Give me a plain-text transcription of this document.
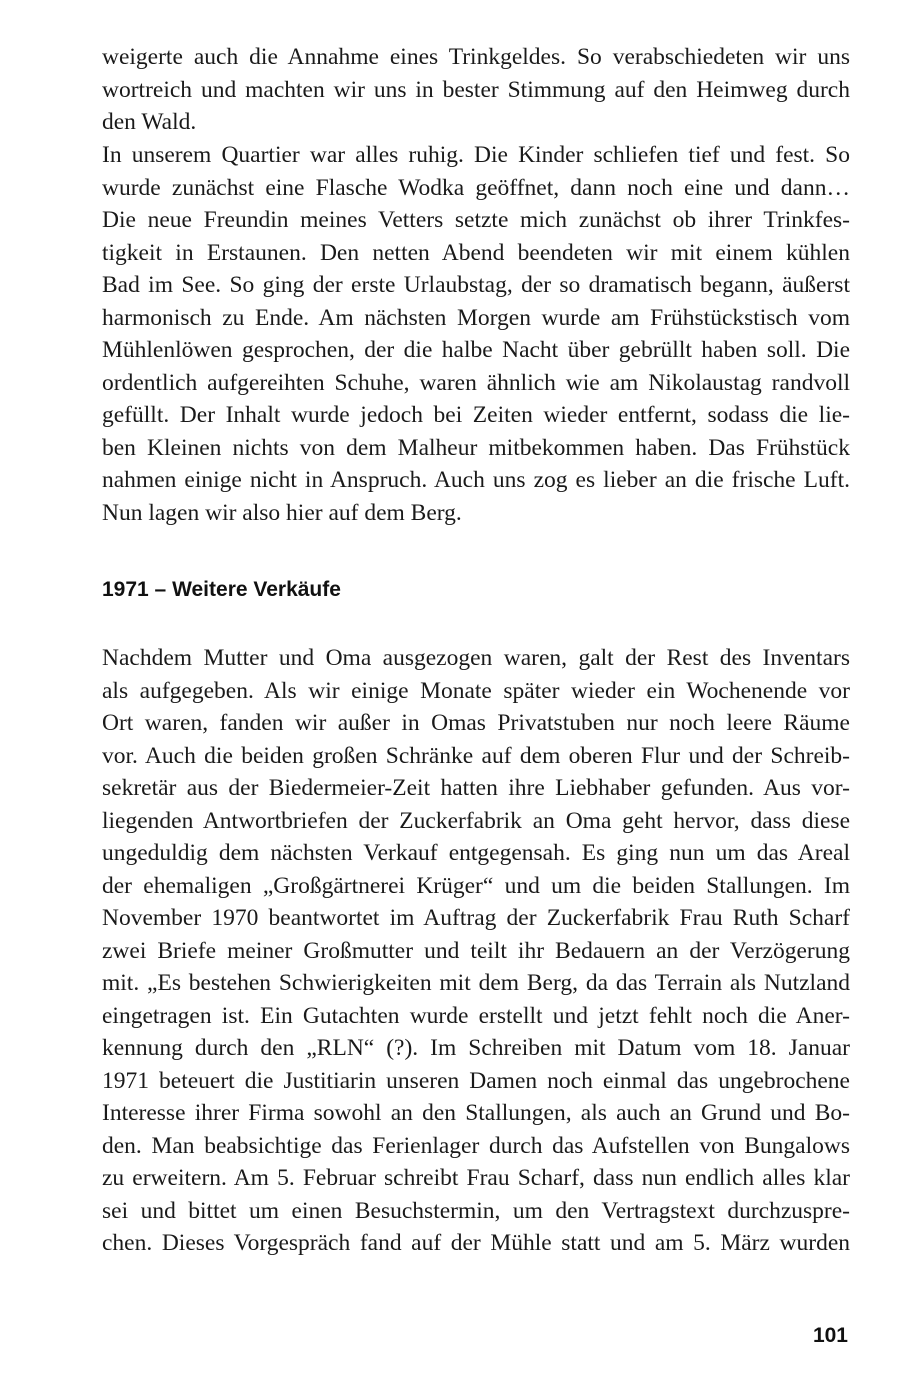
weigerte auch die Annahme eines Trinkgeldes. So verabschiedeten wir uns
wortreich und machten wir uns in bester Stimmung auf den Heimweg durch
den Wald.
In unserem Quartier war alles ruhig. Die Kinder schliefen tief und fest. So
wurde zunächst eine Flasche Wodka geöffnet, dann noch eine und dann…
Die neue Freundin meines Vetters setzte mich zunächst ob ihrer Trinkfes-
tigkeit in Erstaunen. Den netten Abend beendeten wir mit einem kühlen
Bad im See. So ging der erste Urlaubstag, der so dramatisch begann, äußerst
harmonisch zu Ende. Am nächsten Morgen wurde am Frühstückstisch vom
Mühlenlöwen gesprochen, der die halbe Nacht über gebrüllt haben soll. Die
ordentlich aufgereihten Schuhe, waren ähnlich wie am Nikolaustag randvoll
gefüllt. Der Inhalt wurde jedoch bei Zeiten wieder entfernt, sodass die lie-
ben Kleinen nichts von dem Malheur mitbekommen haben. Das Frühstück
nahmen einige nicht in Anspruch. Auch uns zog es lieber an die frische Luft.
Nun lagen wir also hier auf dem Berg.
1971 – Weitere Verkäufe
Nachdem Mutter und Oma ausgezogen waren, galt der Rest des Inventars
als aufgegeben. Als wir einige Monate später wieder ein Wochenende vor
Ort waren, fanden wir außer in Omas Privatstuben nur noch leere Räume
vor. Auch die beiden großen Schränke auf dem oberen Flur und der Schreib-
sekretär aus der Biedermeier-Zeit hatten ihre Liebhaber gefunden. Aus vor-
liegenden Antwortbriefen der Zuckerfabrik an Oma geht hervor, dass diese
ungeduldig dem nächsten Verkauf entgegensah. Es ging nun um das Areal
der ehemaligen „Großgärtnerei Krüger“ und um die beiden Stallungen. Im
November 1970 beantwortet im Auftrag der Zuckerfabrik Frau Ruth Scharf
zwei Briefe meiner Großmutter und teilt ihr Bedauern an der Verzögerung
mit. „Es bestehen Schwierigkeiten mit dem Berg, da das Terrain als Nutzland
eingetragen ist. Ein Gutachten wurde erstellt und jetzt fehlt noch die Aner-
kennung durch den „RLN“ (?). Im Schreiben mit Datum vom 18. Januar
1971 beteuert die Justitiarin unseren Damen noch einmal das ungebrochene
Interesse ihrer Firma sowohl an den Stallungen, als auch an Grund und Bo-
den. Man beabsichtige das Ferienlager durch das Aufstellen von Bungalows
zu erweitern. Am 5. Februar schreibt Frau Scharf, dass nun endlich alles klar
sei und bittet um einen Besuchstermin, um den Vertragstext durchzuspre-
chen. Dieses Vorgespräch fand auf der Mühle statt und am 5. März wurden
101
